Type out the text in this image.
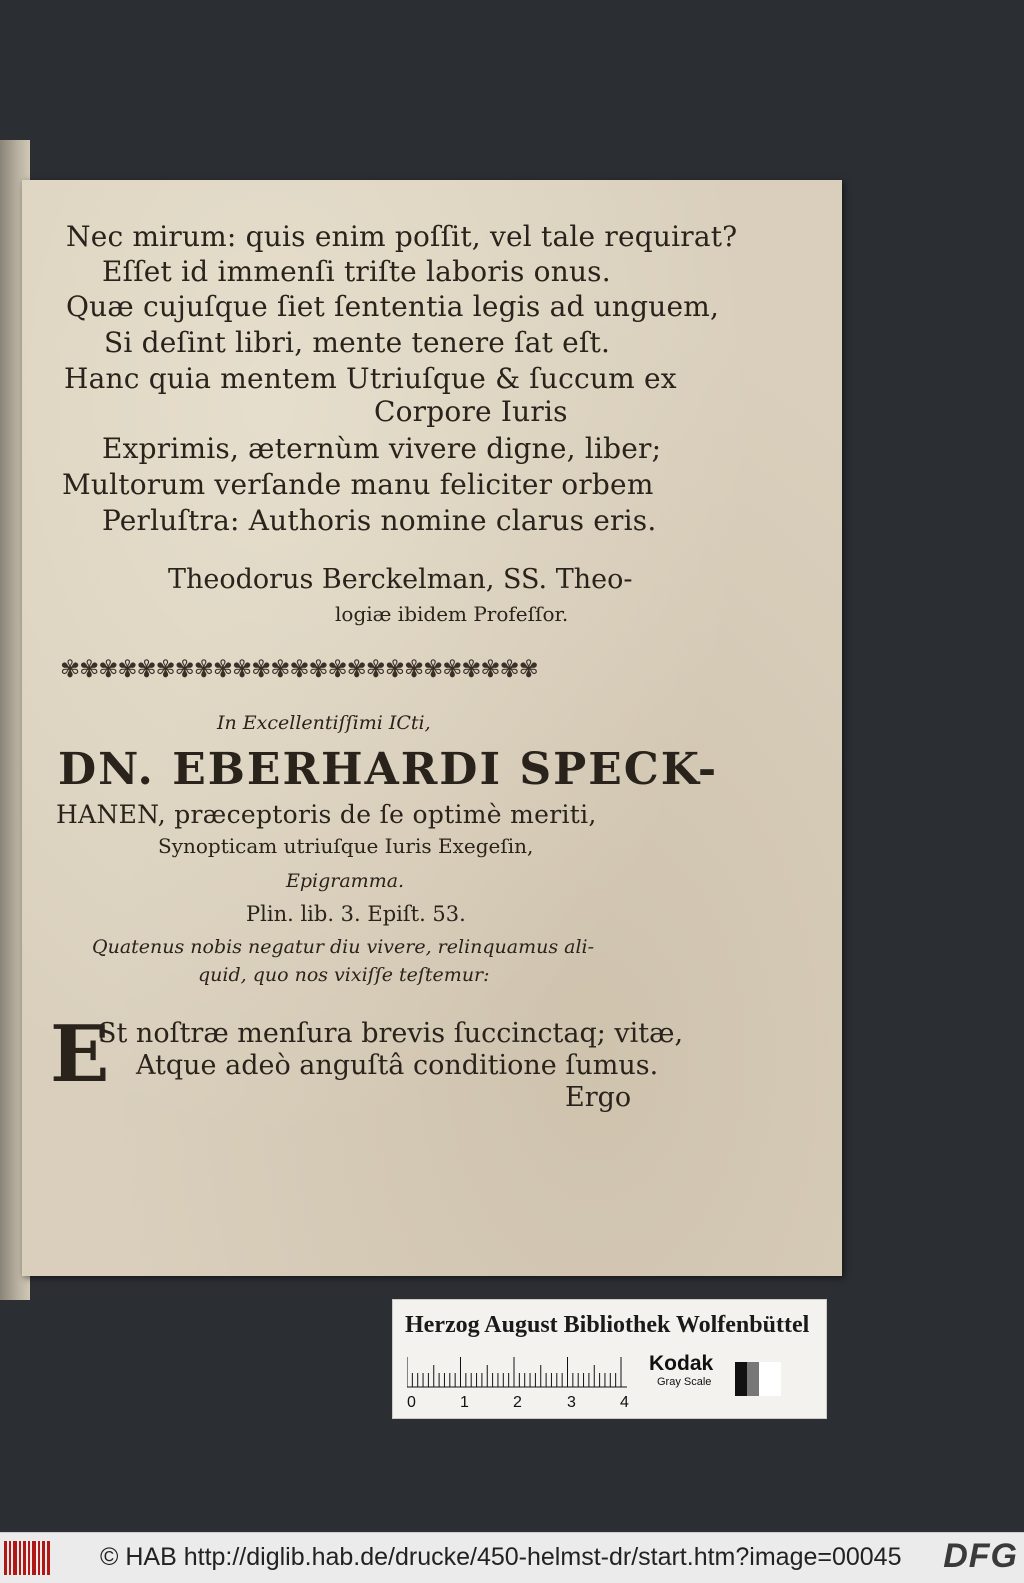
Nec mirum: quis enim poſſit, vel tale requirat?
Eſſet id immenſi triſte laboris onus.
Quæ cujuſque ſiet ſententia legis ad unguem,
Si deſint libri, mente tenere ſat eſt.
Hanc quia mentem Utriuſque & ſuccum ex
Corpore Iuris
Exprimis, æternùm vivere digne, liber;
Multorum verſande manu feliciter orbem
Perluſtra: Authoris nomine clarus eris.
Theodorus Berckelman, SS. Theo-
logiæ ibidem Profeſſor.
✾✾✾✾✾✾✾✾✾✾✾✾✾✾✾✾✾✾✾✾✾✾✾✾✾
In Excellentiſſimi ICti,
DN. EBERHARDI SPECK-
HANEN, præceptoris de ſe optimè meriti,
Synopticam utriuſque Iuris Exegeſin,
Epigramma.
Plin. lib. 3. Epiſt. 53.
Quatenus nobis negatur diu vivere, relinquamus ali-
quid, quo nos vixiſſe teſtemur:
E
St noſtræ menſura brevis ſuccinctaq; vitæ,
Atque adeò anguſtâ conditione ſumus.
Ergo
Herzog August Bibliothek Wolfenbüttel
0	1	2	3	4
Kodak
Gray Scale
© HAB http://diglib.hab.de/drucke/450-helmst-dr/start.htm?image=00045 DFG
